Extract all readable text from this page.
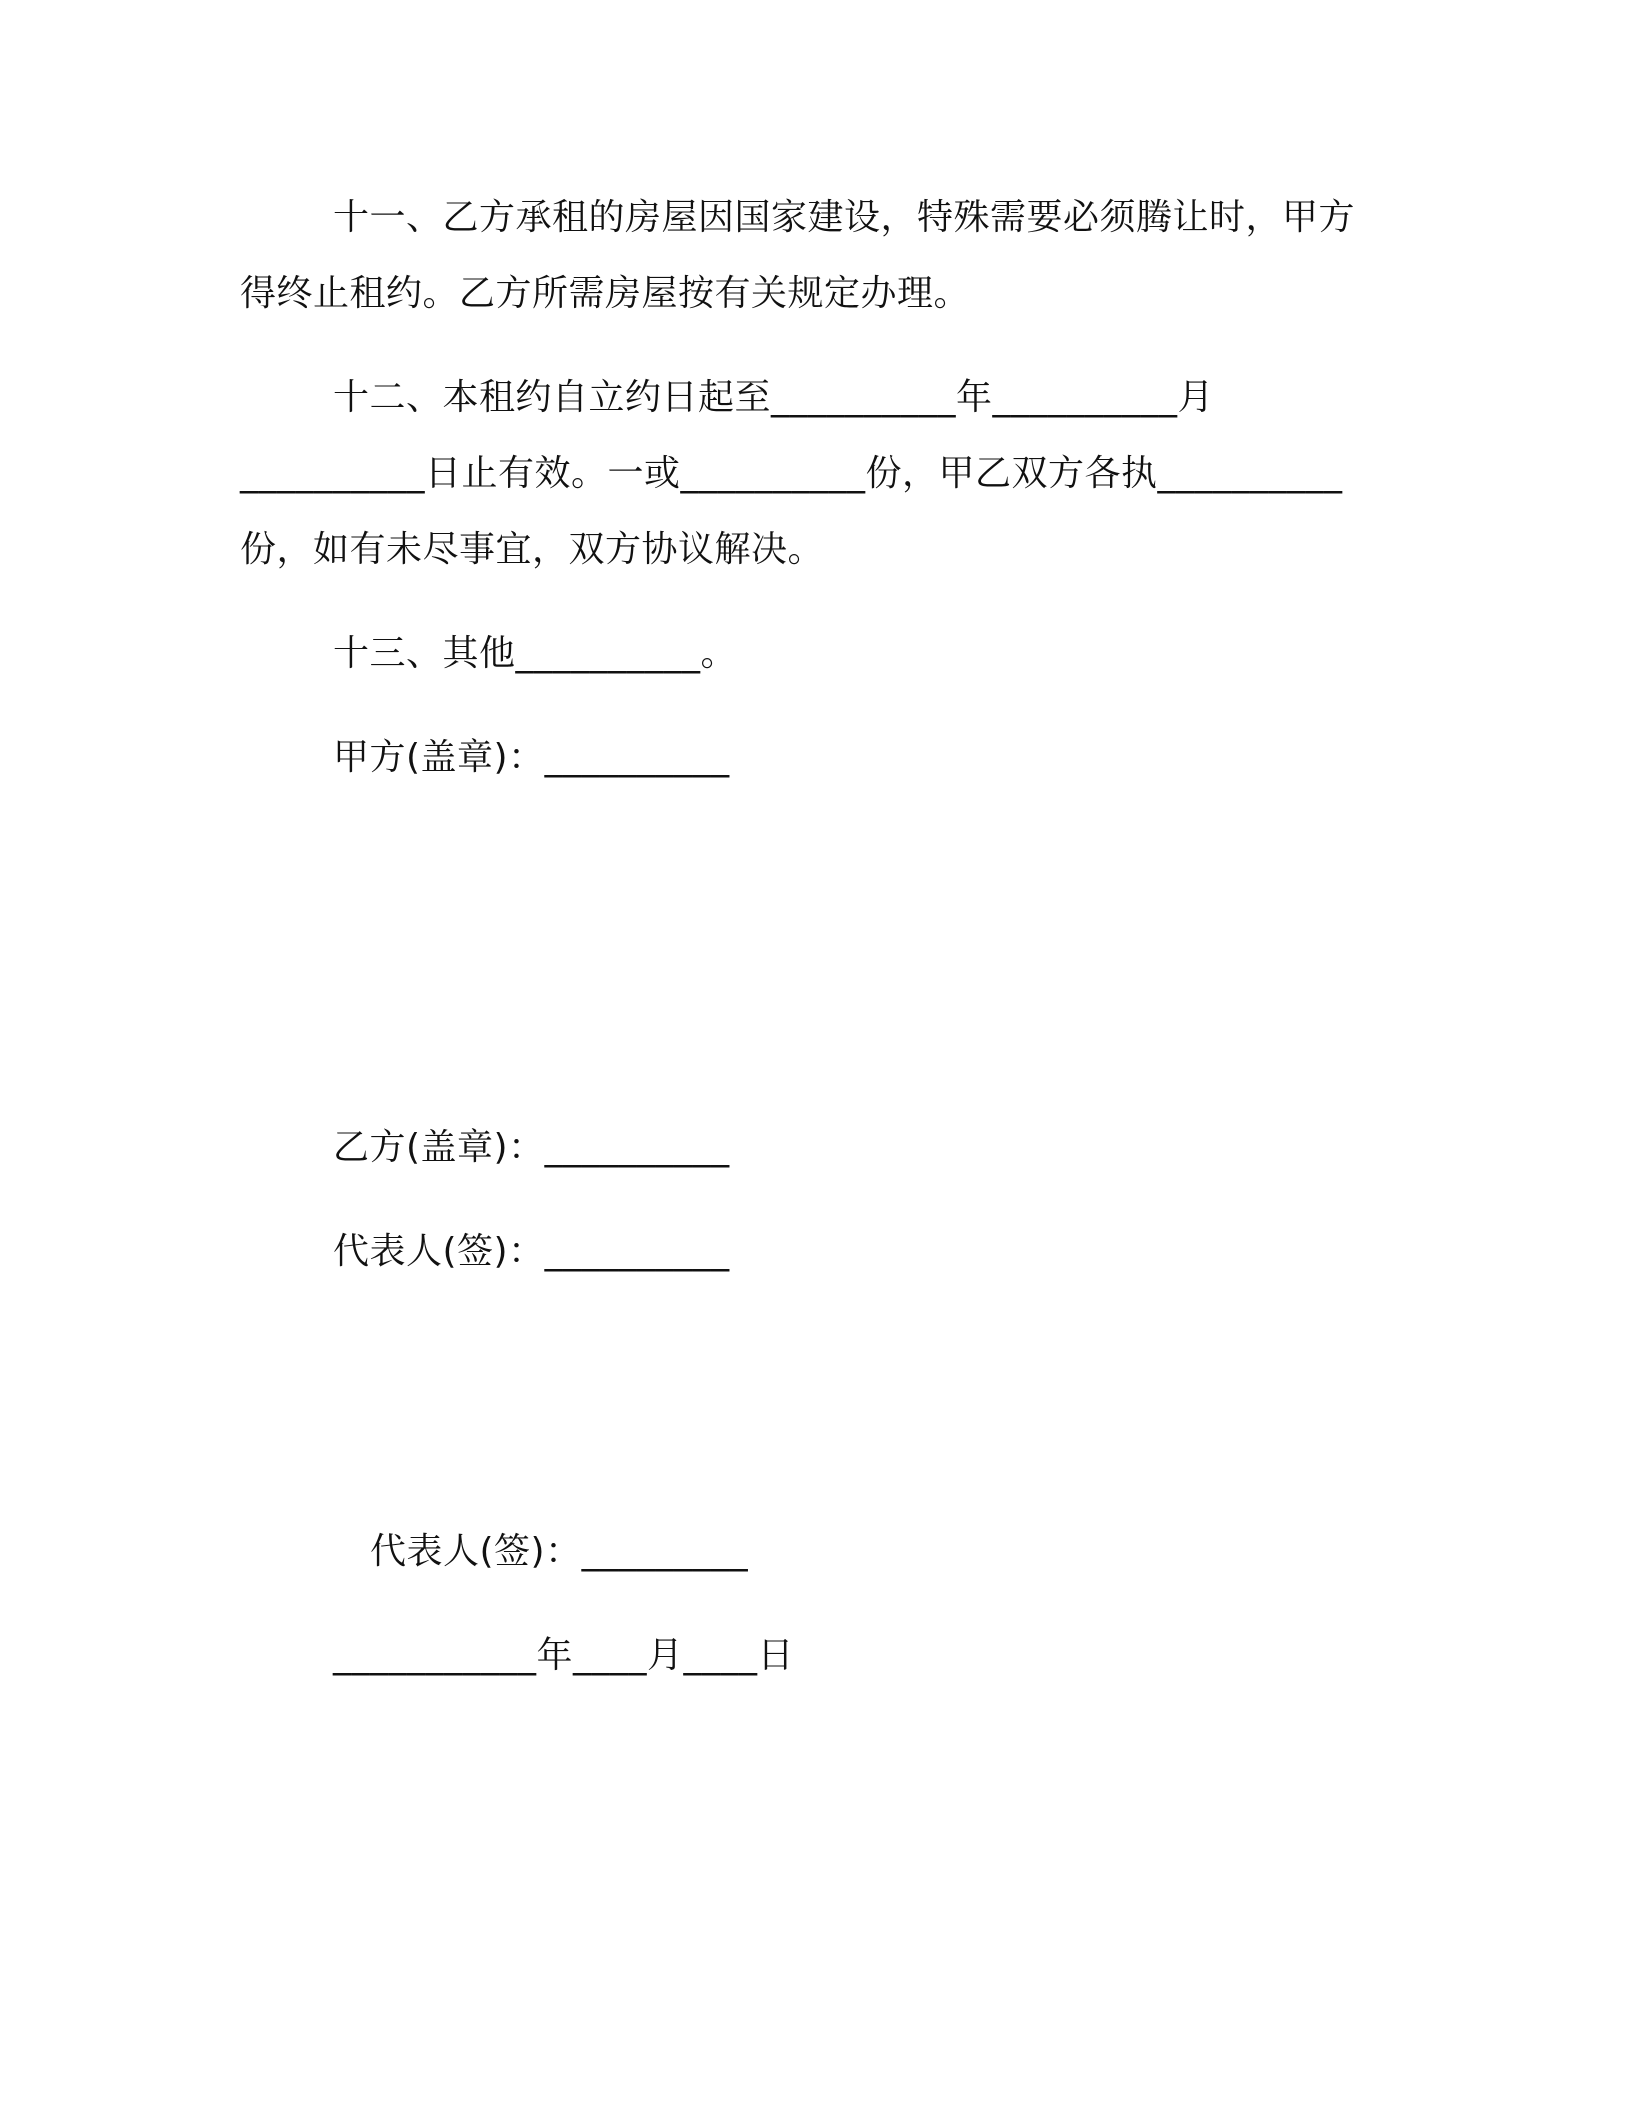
十一、乙方承租的房屋因国家建设，特殊需要必须腾让时，甲方
得终止租约。乙方所需房屋按有关规定办理。
十二、本租约自立约日起至__________年__________月
__________日止有效。一或__________份，甲乙双方各执__________
份，如有未尽事宜，双方协议解决。
十三、其他__________。
甲方(盖章)：__________
乙方(盖章)：__________
代表人(签)：__________
代表人(签)：_________
___________年____月____日
